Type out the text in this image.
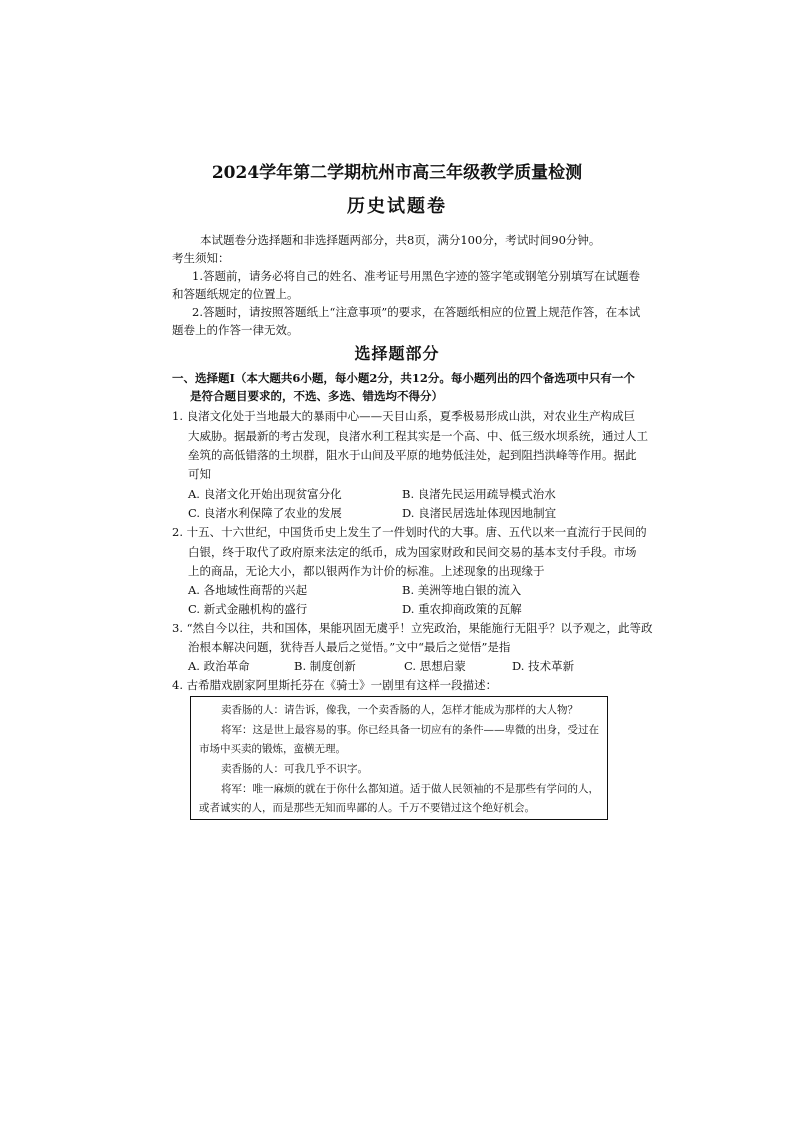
2024学年第二学期杭州市高三年级教学质量检测
历史试题卷
本试题卷分选择题和非选择题两部分，共8页，满分100分，考试时间90分钟。
考生须知：
1.答题前，请务必将自己的姓名、准考证号用黑色字迹的签字笔或钢笔分别填写在试题卷
和答题纸规定的位置上。
2.答题时，请按照答题纸上“注意事项”的要求，在答题纸相应的位置上规范作答，在本试
题卷上的作答一律无效。
选择题部分
一、选择题Ⅰ（本大题共6小题，每小题2分，共12分。每小题列出的四个备选项中只有一个
是符合题目要求的，不选、多选、错选均不得分）
1. 良渚文化处于当地最大的暴雨中心——天目山系，夏季极易形成山洪，对农业生产构成巨
大威胁。据最新的考古发现，良渚水利工程其实是一个高、中、低三级水坝系统，通过人工
垒筑的高低错落的土坝群，阻水于山间及平原的地势低洼处，起到阻挡洪峰等作用。据此
可知
A. 良渚文化开始出现贫富分化	B. 良渚先民运用疏导模式治水
C. 良渚水利保障了农业的发展	D. 良渚民居选址体现因地制宜
2. 十五、十六世纪，中国货币史上发生了一件划时代的大事。唐、五代以来一直流行于民间的
白银，终于取代了政府原来法定的纸币，成为国家财政和民间交易的基本支付手段。市场
上的商品，无论大小，都以银两作为计价的标准。上述现象的出现缘于
A. 各地域性商帮的兴起	B. 美洲等地白银的流入
C. 新式金融机构的盛行	D. 重农抑商政策的瓦解
3. “然自今以往，共和国体，果能巩固无虞乎！立宪政治，果能施行无阻乎？以予观之，此等政
治根本解决问题，犹待吾人最后之觉悟。”文中“最后之觉悟”是指
A. 政治革命	B. 制度创新	C. 思想启蒙	D. 技术革新
4. 古希腊戏剧家阿里斯托芬在《骑士》一剧里有这样一段描述：
卖香肠的人：请告诉，像我，一个卖香肠的人，怎样才能成为那样的大人物？
将军：这是世上最容易的事。你已经具备一切应有的条件——卑微的出身，受过在
市场中买卖的锻炼，蛮横无理。
卖香肠的人：可我几乎不识字。
将军：唯一麻烦的就在于你什么都知道。适于做人民领袖的不是那些有学问的人，
或者诚实的人，而是那些无知而卑鄙的人。千万不要错过这个绝好机会。
